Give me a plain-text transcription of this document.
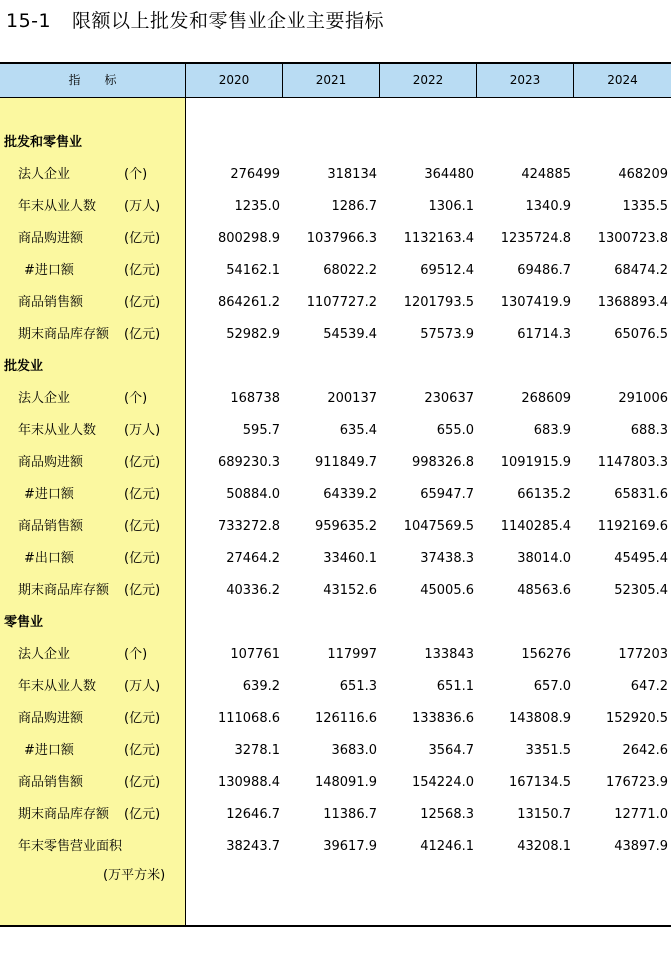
15-1 限额以上批发和零售业企业主要指标
指　　标	2020	2021	2022	2023	2024
批发和零售业
法人企业	(个)	276499	318134	364480	424885	468209
年末从业人数 (万人)	1235.0	1286.7	1306.1	1340.9	1335.5
商品购进额	(亿元)	800298.9	1037966.3	1132163.4	1235724.8	1300723.8
#进口额	(亿元)	54162.1	68022.2	69512.4	69486.7	68474.2
商品销售额	(亿元)	864261.2	1107727.2	1201793.5	1307419.9	1368893.4
期末商品库存额 (亿元)	52982.9	54539.4	57573.9	61714.3	65076.5
批发业
法人企业	(个)	168738	200137	230637	268609	291006
年末从业人数 (万人)	595.7	635.4	655.0	683.9	688.3
商品购进额	(亿元)	689230.3	911849.7	998326.8	1091915.9	1147803.3
#进口额	(亿元)	50884.0	64339.2	65947.7	66135.2	65831.6
商品销售额	(亿元)	733272.8	959635.2	1047569.5	1140285.4	1192169.6
#出口额	(亿元)	27464.2	33460.1	37438.3	38014.0	45495.4
期末商品库存额 (亿元)	40336.2	43152.6	45005.6	48563.6	52305.4
零售业
法人企业	(个)	107761	117997	133843	156276	177203
年末从业人数 (万人)	639.2	651.3	651.1	657.0	647.2
商品购进额	(亿元)	111068.6	126116.6	133836.6	143808.9	152920.5
#进口额	(亿元)	3278.1	3683.0	3564.7	3351.5	2642.6
商品销售额	(亿元)	130988.4	148091.9	154224.0	167134.5	176723.9
期末商品库存额 (亿元)	12646.7	11386.7	12568.3	13150.7	12771.0
年末零售营业面积	38243.7	39617.9	41246.1	43208.1	43897.9
(万平方米)
